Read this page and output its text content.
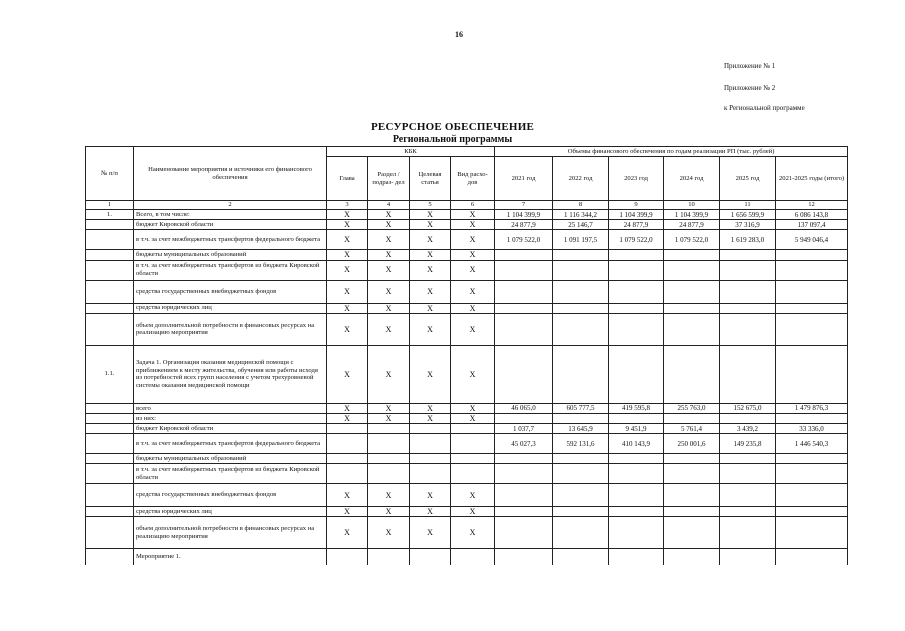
16
Приложение № 1
Приложение № 2
к Региональной программе
РЕСУРСНОЕ ОБЕСПЕЧЕНИЕ
Региональной программы
№ п/п	Наименование мероприятия и источники его финансового обеспечения	КБК				Объемы финансового обеспечения по годам реализации РП (тыс. рублей)					
		Глава	Раздел / подраз- дел	Целевая статья	Вид расхо- дов	2021 год	2022 год	2023 год	2024 год	2025 год	2021-2025 годы (итого)
1	2	3	4	5	6	7	8	9	10	11	12
1.	Всего, в том числе:	X	X	X	X	1 104 399,9	1 116 344,2	1 104 399,9	1 104 399,9	1 656 599,9	6 086 143,8
	бюджет Кировской области	X	X	X	X	24 877,9	25 146,7	24 877,9	24 877,9	37 316,9	137 097,4
	в т.ч. за счет межбюджетных трансфертов федерального бюджета	X	X	X	X	1 079 522,0	1 091 197,5	1 079 522,0	1 079 522,0	1 619 283,0	5 949 046,4
	бюджеты муниципальных образований	X	X	X	X						
	в т.ч. за счет межбюджетных трансфертов из бюджета Кировской области	X	X	X	X						
	средства государственных внебюджетных фондов	X	X	X	X						
	средства юридических лиц	X	X	X	X						
	объем дополнительной потребности в финансовых ресурсах на реализацию мероприятия	X	X	X	X						
1.1.	Задача 1. Организация оказания медицинской помощи с приближением к месту жительства, обучения или работы исходя из потребностей всех групп населения с учетом трехуровневой системы оказания медицинской помощи	X	X	X	X						
	всего	X	X	X	X	46 065,0	605 777,5	419 595,8	255 763,0	152 675,0	1 479 876,3
	из них:	X	X	X	X						
	бюджет Кировской области					1 037,7	13 645,9	9 451,9	5 761,4	3 439,2	33 336,0
	в т.ч. за счет межбюджетных трансфертов федерального бюджета					45 027,3	592 131,6	410 143,9	250 001,6	149 235,8	1 446 540,3
	бюджеты муниципальных образований										
	в т.ч. за счет межбюджетных трансфертов из бюджета Кировской области										
	средства государственных внебюджетных фондов	X	X	X	X						
	средства юридических лиц	X	X	X	X						
	объем дополнительной потребности в финансовых ресурсах на реализацию мероприятия	X	X	X	X						
	Мероприятие 1.										
